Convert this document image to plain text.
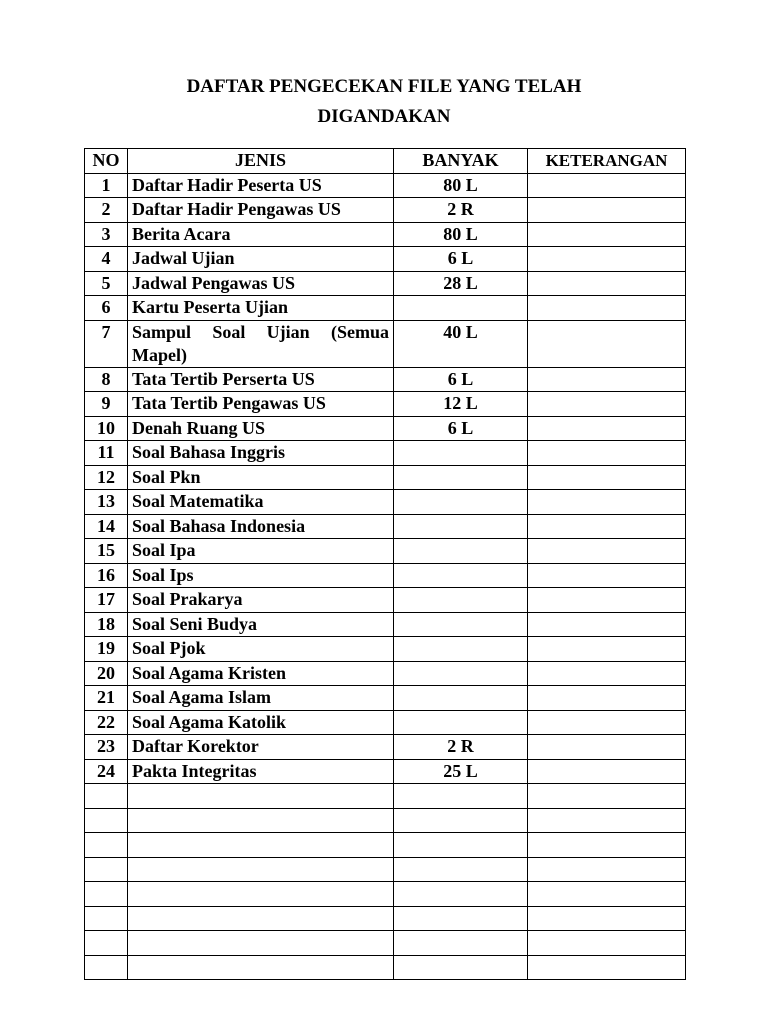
DAFTAR PENGECEKAN FILE YANG TELAH
DIGANDAKAN
NO	JENIS	BANYAK	KETERANGAN
1	Daftar Hadir Peserta US	80 L	
2	Daftar Hadir Pengawas US	2 R	
3	Berita Acara	80 L	
4	Jadwal Ujian	6 L	
5	Jadwal Pengawas US	28 L	
6	Kartu Peserta Ujian		
7	Sampul Soal Ujian (Semua Mapel)	40 L	
8	Tata Tertib Perserta US	6 L	
9	Tata Tertib Pengawas US	12 L	
10	Denah Ruang US	6 L	
11	Soal Bahasa Inggris		
12	Soal Pkn		
13	Soal Matematika		
14	Soal Bahasa Indonesia		
15	Soal Ipa		
16	Soal Ips		
17	Soal Prakarya		
18	Soal Seni Budya		
19	Soal Pjok		
20	Soal Agama Kristen		
21	Soal Agama Islam		
22	Soal Agama Katolik		
23	Daftar Korektor	2 R	
24	Pakta Integritas	25 L	
